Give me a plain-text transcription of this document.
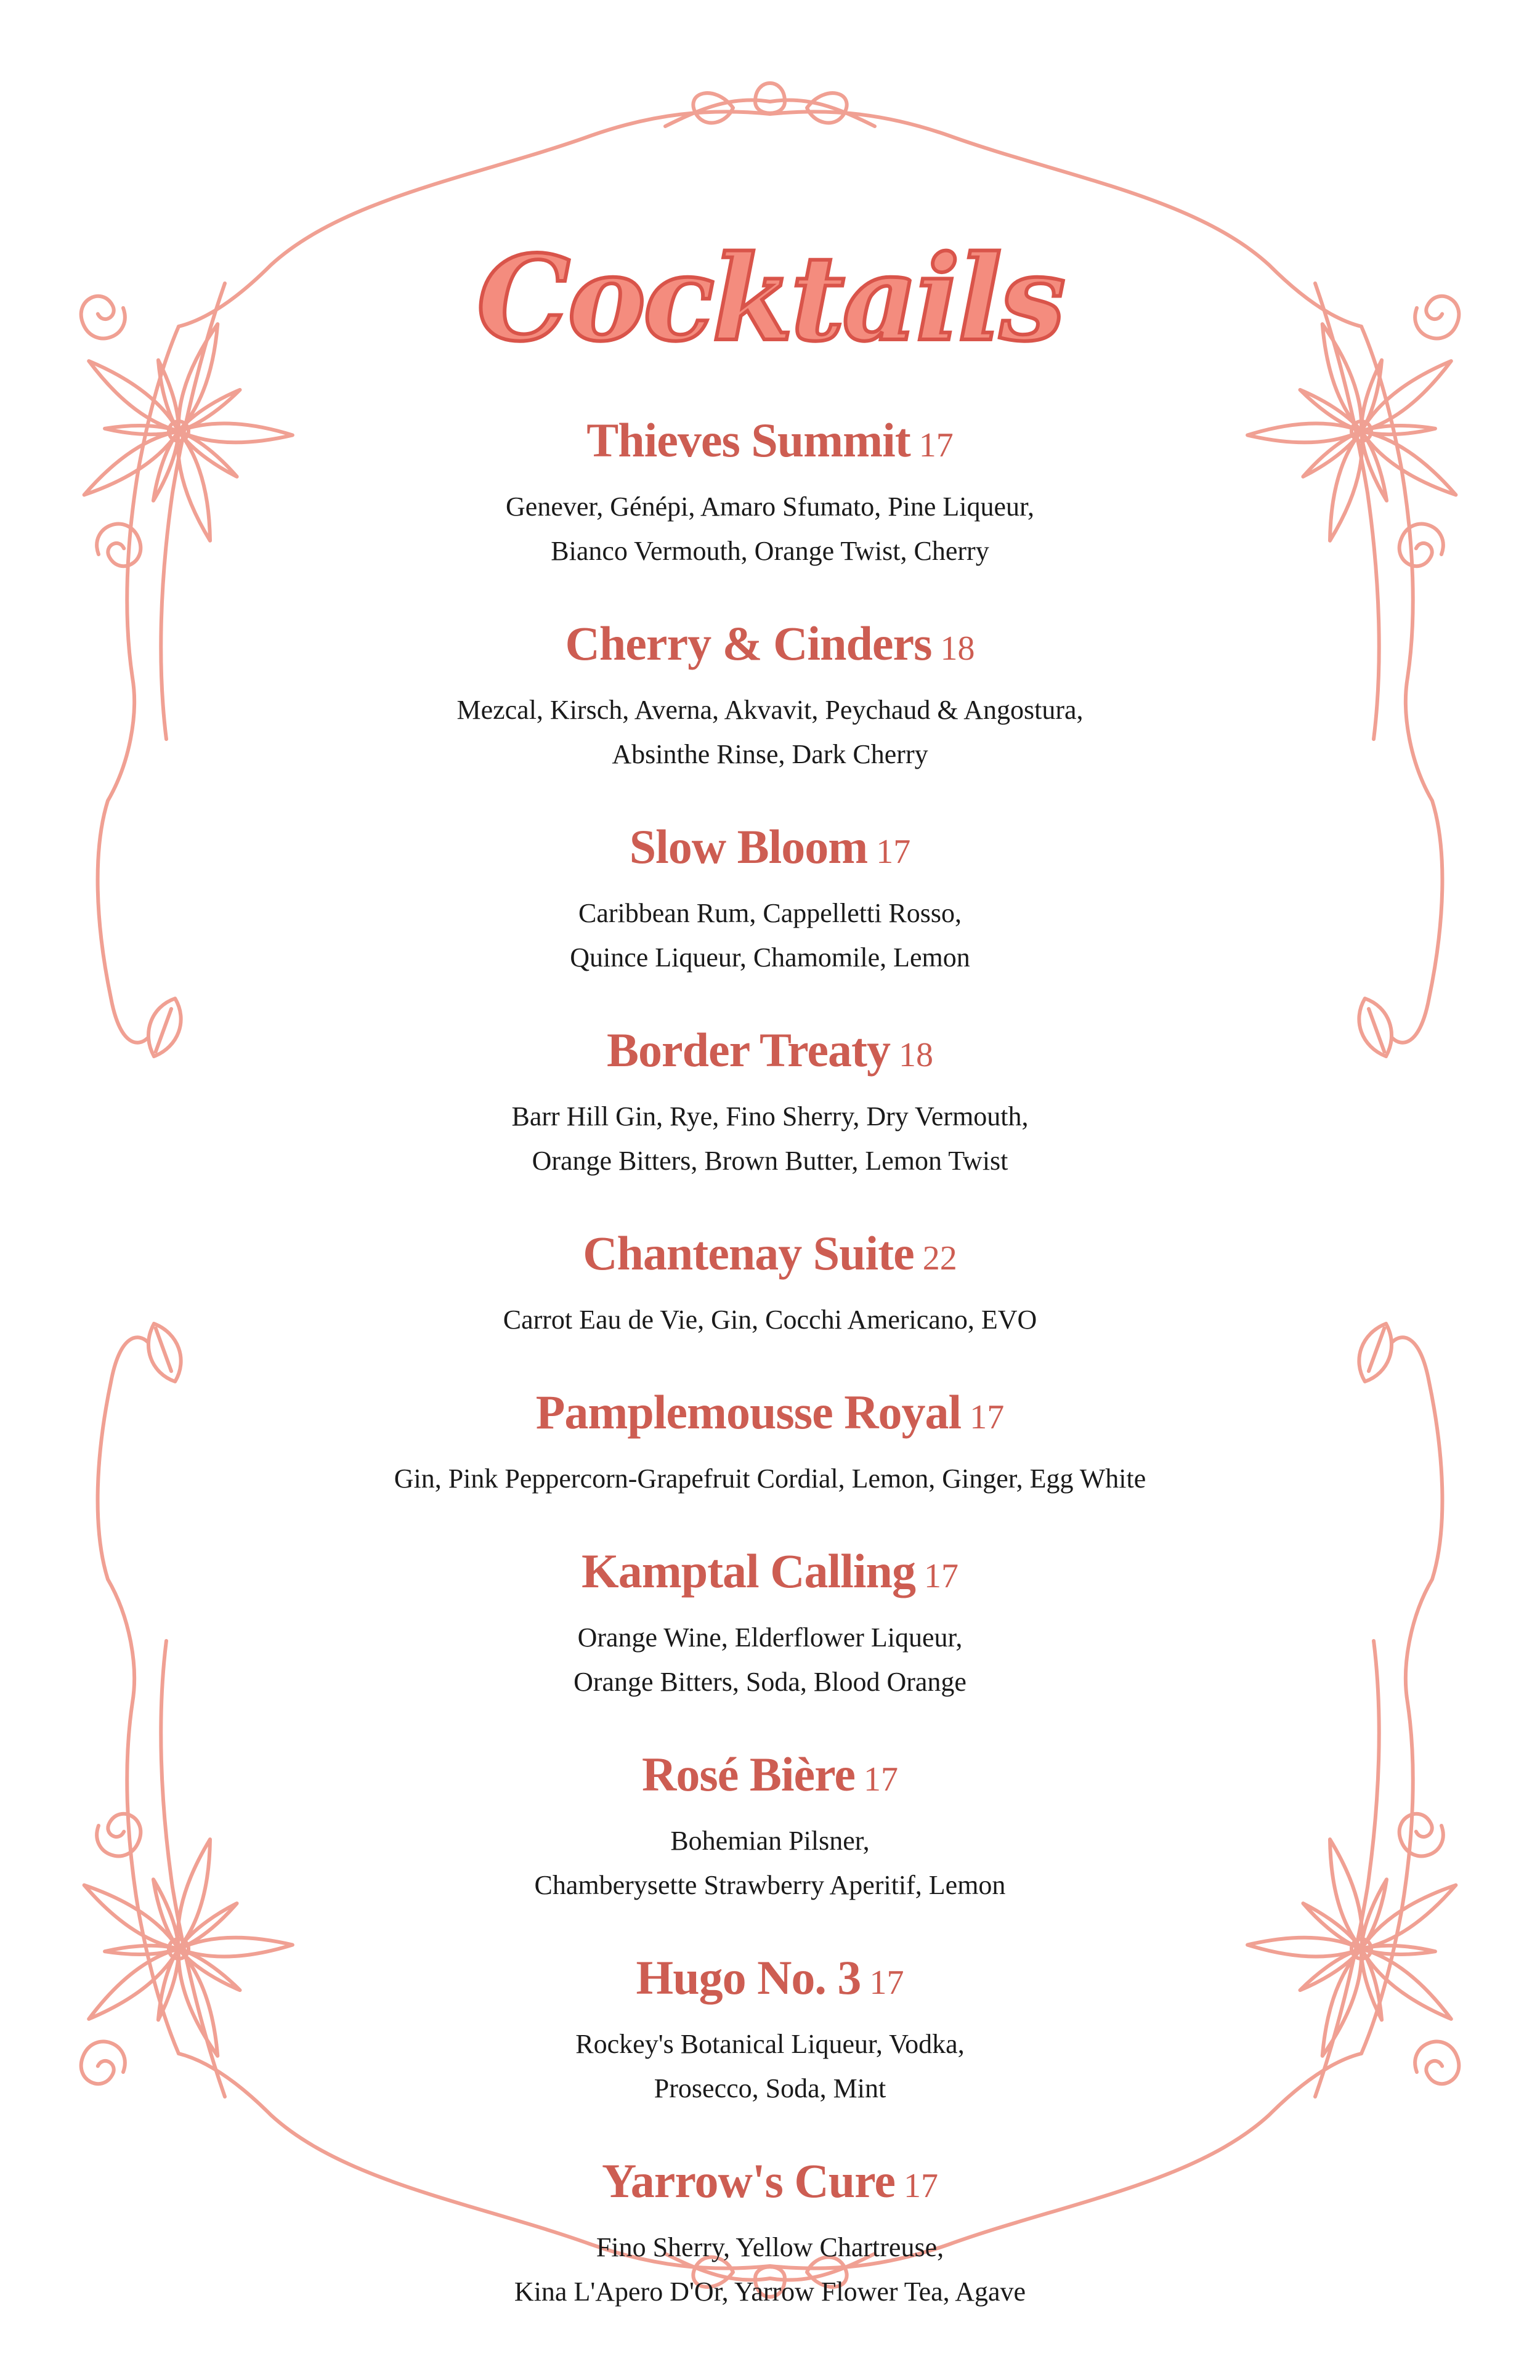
Cocktails
Thieves Summit 17
Genever, Génépi, Amaro Sfumato, Pine Liqueur,
Bianco Vermouth, Orange Twist, Cherry
Cherry & Cinders 18
Mezcal, Kirsch, Averna, Akvavit, Peychaud & Angostura,
Absinthe Rinse, Dark Cherry
Slow Bloom 17
Caribbean Rum, Cappelletti Rosso,
Quince Liqueur, Chamomile, Lemon
Border Treaty 18
Barr Hill Gin, Rye, Fino Sherry, Dry Vermouth,
Orange Bitters, Brown Butter, Lemon Twist
Chantenay Suite 22
Carrot Eau de Vie, Gin, Cocchi Americano, EVO
Pamplemousse Royal 17
Gin, Pink Peppercorn-Grapefruit Cordial, Lemon, Ginger, Egg White
Kamptal Calling 17
Orange Wine, Elderflower Liqueur,
Orange Bitters, Soda, Blood Orange
Rosé Bière 17
Bohemian Pilsner,
Chamberysette Strawberry Aperitif, Lemon
Hugo No. 3 17
Rockey's Botanical Liqueur, Vodka,
Prosecco, Soda, Mint
Yarrow's Cure 17
Fino Sherry, Yellow Chartreuse,
Kina L'Apero D'Or, Yarrow Flower Tea, Agave
